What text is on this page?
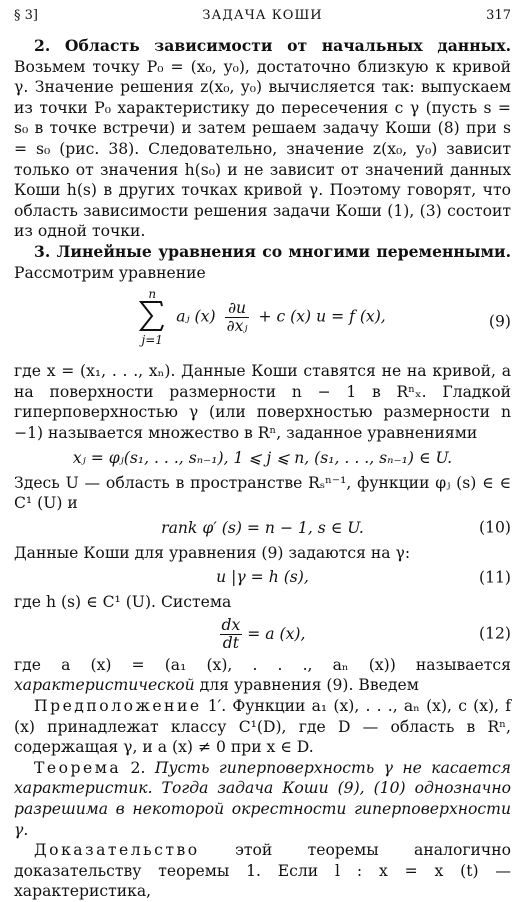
§ 3]	ЗАДАЧА КОШИ	317

2. Область зависимости от начальных данных. Возьмем точку P₀ = (x₀, y₀), достаточно близкую к кривой γ. Значение решения z(x₀, y₀) вычисляется так: выпускаем из точки P₀ характеристику до пересечения с γ (пусть s = s₀ в точке встречи) и затем решаем задачу Коши (8) при s = s₀ (рис. 38). Следовательно, значение z(x₀, y₀) зависит только от значения h(s₀) и не зависит от значений данных Коши h(s) в других точках кривой γ. Поэтому говорят, что область зависимости решения задачи Коши (1), (3) состоит из одной точки.

3. Линейные уравнения со многими переменными. Рассмотрим уравнение

n
j=1
aⱼ $(x) \frac{\partial u}{\text{∂xⱼ}} + c$ (x) u = f (x),	(9)

где x = (x₁, . . ., xₙ). Данные Коши ставятся не на кривой, а на поверхности размерности n − 1 в Rⁿₓ. Гладкой гиперповерхностью γ (или поверхностью размерности n −1) называется множество в Rⁿ, заданное уравнениями

xⱼ = φⱼ(s₁, . . ., sₙ₋₁), 1 ⩽ j ⩽ n, (s₁, . . ., sₙ₋₁) ∈ U.

Здесь U — область в пространстве Rₛⁿ⁻¹, функции φⱼ (s) ∈ ∈ C¹ (U) и

rank φ′ (s) = n − 1, s ∈ U.	(10)

Данные Коши для уравнения (9) задаются на γ:

u |γ = h (s),	(11)

где h (s) ∈ C¹ (U). Система

$\frac{dx}{dt} = a$ (x),	(12)

где a (x) = (a₁ (x), . . ., aₙ (x)) называется характеристической для уравнения (9). Введем

Предположение 1′. Функции a₁ (x), . . ., aₙ (x), c (x), f (x) принадлежат классу C¹(D), где D — область в Rⁿ, содержащая γ, и a (x) ≠ 0 при x ∈ D.

Теорема 2. Пусть гиперповерхность γ не касается характеристик. Тогда задача Коши (9), (10) однозначно разрешима в некоторой окрестности гиперповерхности γ.

Доказательство этой теоремы аналогично доказательству теоремы 1. Если l : x = x (t) — характеристика,
